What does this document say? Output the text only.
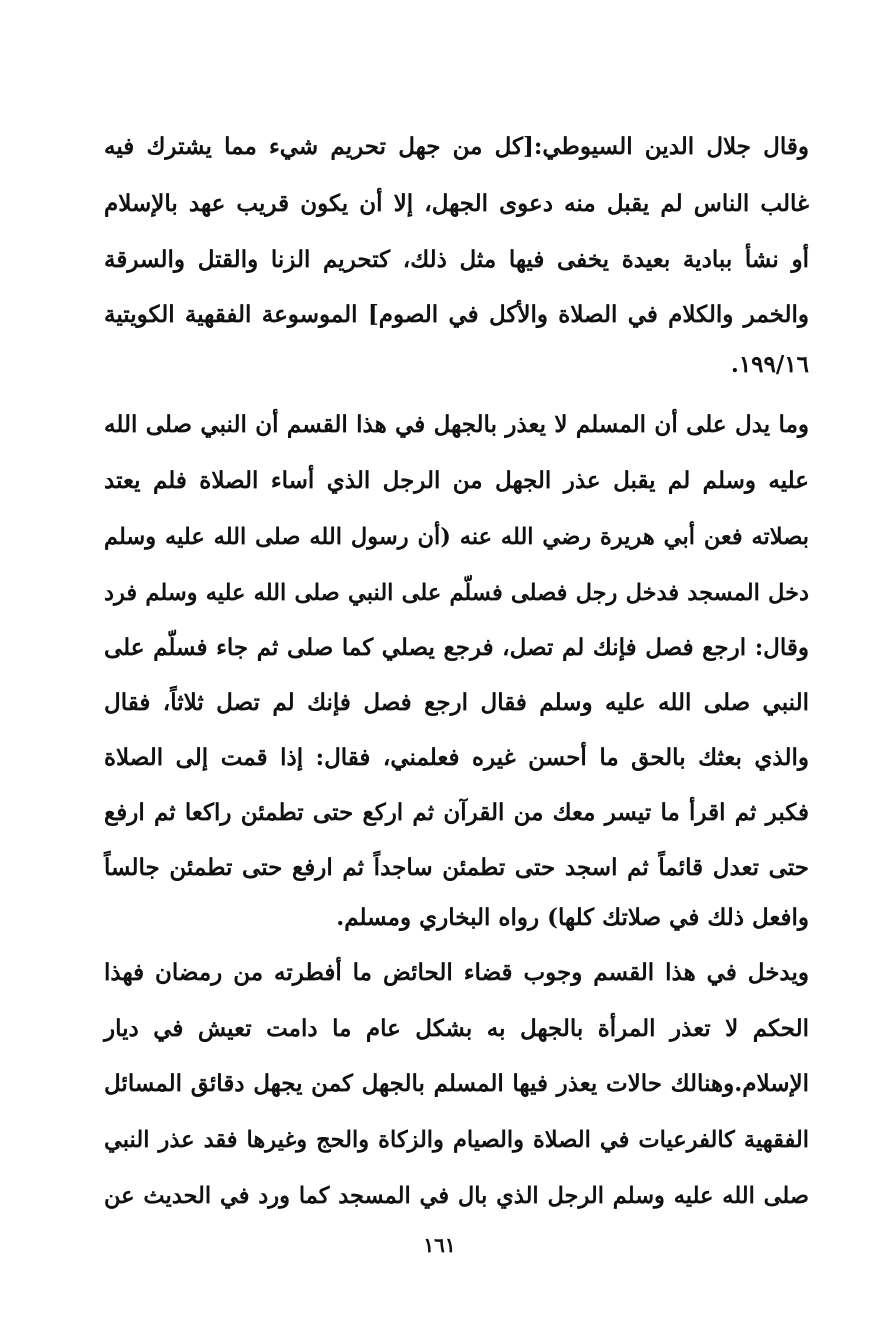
وقال جلال الدين السيوطي:[كل من جهل تحريم شيء مما يشترك فيه
غالب الناس لم يقبل منه دعوى الجهل، إلا أن يكون قريب عهد بالإسلام
أو نشأ ببادية بعيدة يخفى فيها مثل ذلك، كتحريم الزنا والقتل والسرقة
والخمر والكلام في الصلاة والأكل في الصوم] الموسوعة الفقهية الكويتية
١٩٩/١٦.
وما يدل على أن المسلم لا يعذر بالجهل في هذا القسم أن النبي صلى الله
عليه وسلم لم يقبل عذر الجهل من الرجل الذي أساء الصلاة فلم يعتد
بصلاته فعن أبي هريرة رضي الله عنه (أن رسول الله صلى الله عليه وسلم
دخل المسجد فدخل رجل فصلى فسلّم على النبي صلى الله عليه وسلم فرد
وقال: ارجع فصل فإنك لم تصل، فرجع يصلي كما صلى ثم جاء فسلّم على
النبي صلى الله عليه وسلم فقال ارجع فصل فإنك لم تصل ثلاثاً، فقال
والذي بعثك بالحق ما أحسن غيره فعلمني، فقال: إذا قمت إلى الصلاة
فكبر ثم اقرأ ما تيسر معك من القرآن ثم اركع حتى تطمئن راكعا ثم ارفع
حتى تعدل قائماً ثم اسجد حتى تطمئن ساجداً ثم ارفع حتى تطمئن جالساً
وافعل ذلك في صلاتك كلها) رواه البخاري ومسلم.
ويدخل في هذا القسم وجوب قضاء الحائض ما أفطرته من رمضان فهذا
الحكم لا تعذر المرأة بالجهل به بشكل عام ما دامت تعيش في ديار
الإسلام.وهنالك حالات يعذر فيها المسلم بالجهل كمن يجهل دقائق المسائل
الفقهية كالفرعيات في الصلاة والصيام والزكاة والحج وغيرها فقد عذر النبي
صلى الله عليه وسلم الرجل الذي بال في المسجد كما ورد في الحديث عن
١٦١
